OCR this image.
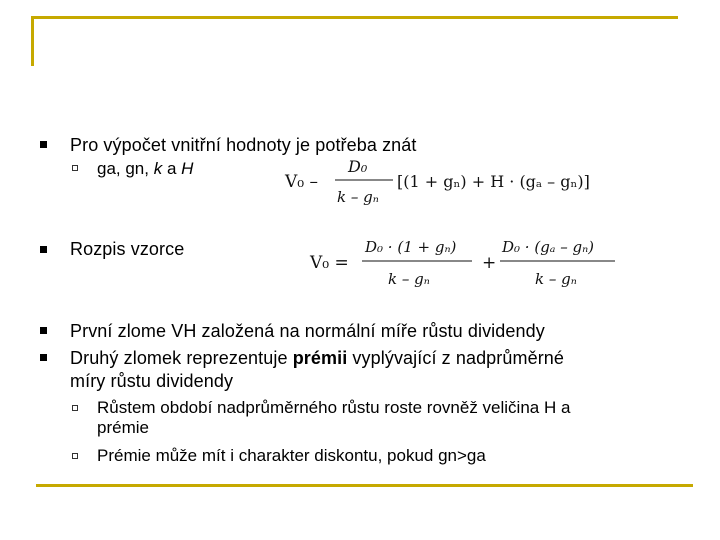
Pro výpočet vnitřní hodnoty je potřeba znát
ga, gn, k a H
V₀ –
D₀
k – gₙ
[(1 + gₙ) + H · (gₐ – gₙ)]
Rozpis vzorce
V₀ =
D₀ · (1 + gₙ)
k – gₙ
+
D₀ · (gₐ – gₙ)
k – gₙ
První zlome VH založená na normální míře růstu dividendy
Druhý zlomek reprezentuje prémii vyplývající z nadprůměrné
míry růstu dividendy
Růstem období nadprůměrného růstu roste rovněž veličina H a
prémie
Prémie může mít i charakter diskontu, pokud gn>ga
